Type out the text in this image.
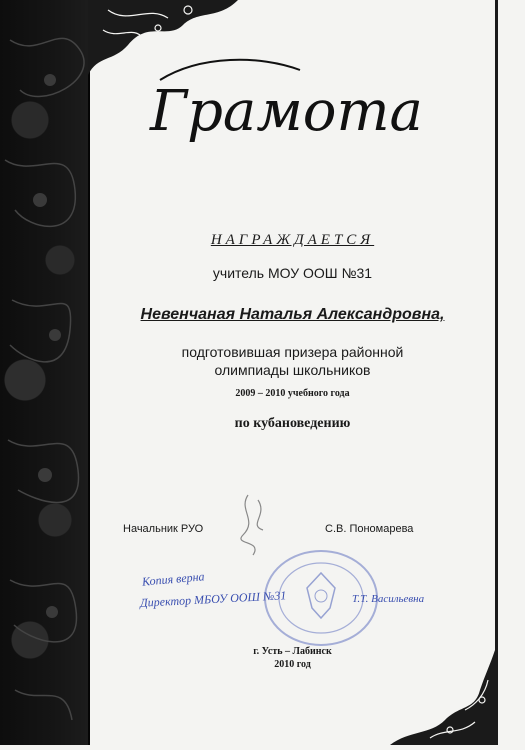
Грамота
НАГРАЖДАЕТСЯ
учитель МОУ ООШ №31
Невенчаная Наталья Александровна,
подготовившая призера районной
олимпиады школьников
2009 – 2010 учебного года
по кубановедению
Начальник РУО	С.В. Пономарева
Копия верна
Директор МБОУ ООШ №31	Т.Т. Васильевна
г. Усть – Лабинск
2010 год
